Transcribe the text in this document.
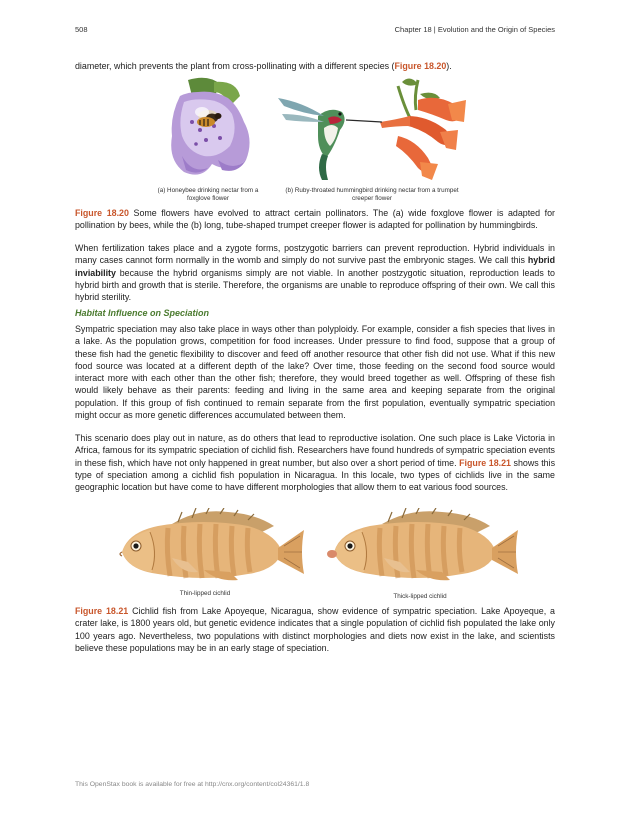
508	Chapter 18 | Evolution and the Origin of Species

diameter, which prevents the plant from cross-pollinating with a different species (Figure 18.20).

(a) Honeybee drinking nectar from a foxglove flower
(b) Ruby-throated hummingbird drinking nectar from a trumpet creeper flower

Figure 18.20 Some flowers have evolved to attract certain pollinators. The (a) wide foxglove flower is adapted for pollination by bees, while the (b) long, tube-shaped trumpet creeper flower is adapted for pollination by hummingbirds.

When fertilization takes place and a zygote forms, postzygotic barriers can prevent reproduction. Hybrid individuals in many cases cannot form normally in the womb and simply do not survive past the embryonic stages. We call this hybrid inviability because the hybrid organisms simply are not viable. In another postzygotic situation, reproduction leads to hybrid birth and growth that is sterile. Therefore, the organisms are unable to reproduce offspring of their own. We call this hybrid sterility.

Habitat Influence on Speciation

Sympatric speciation may also take place in ways other than polyploidy. For example, consider a fish species that lives in a lake. As the population grows, competition for food increases. Under pressure to find food, suppose that a group of these fish had the genetic flexibility to discover and feed off another resource that other fish did not use. What if this new food source was located at a different depth of the lake? Over time, those feeding on the second food source would interact more with each other than the other fish; therefore, they would breed together as well. Offspring of these fish would likely behave as their parents: feeding and living in the same area and keeping separate from the original population. If this group of fish continued to remain separate from the first population, eventually sympatric speciation might occur as more genetic differences accumulated between them.

This scenario does play out in nature, as do others that lead to reproductive isolation. One such place is Lake Victoria in Africa, famous for its sympatric speciation of cichlid fish. Researchers have found hundreds of sympatric speciation events in these fish, which have not only happened in great number, but also over a short period of time. Figure 18.21 shows this type of speciation among a cichlid fish population in Nicaragua. In this locale, two types of cichlids live in the same geographic location but have come to have different morphologies that allow them to eat various food sources.

Thin-lipped cichlid	Thick-lipped cichlid

Figure 18.21 Cichlid fish from Lake Apoyeque, Nicaragua, show evidence of sympatric speciation. Lake Apoyeque, a crater lake, is 1800 years old, but genetic evidence indicates that a single population of cichlid fish populated the lake only 100 years ago. Nevertheless, two populations with distinct morphologies and diets now exist in the lake, and scientists believe these populations may be in an early stage of speciation.

This OpenStax book is available for free at http://cnx.org/content/col24361/1.8
